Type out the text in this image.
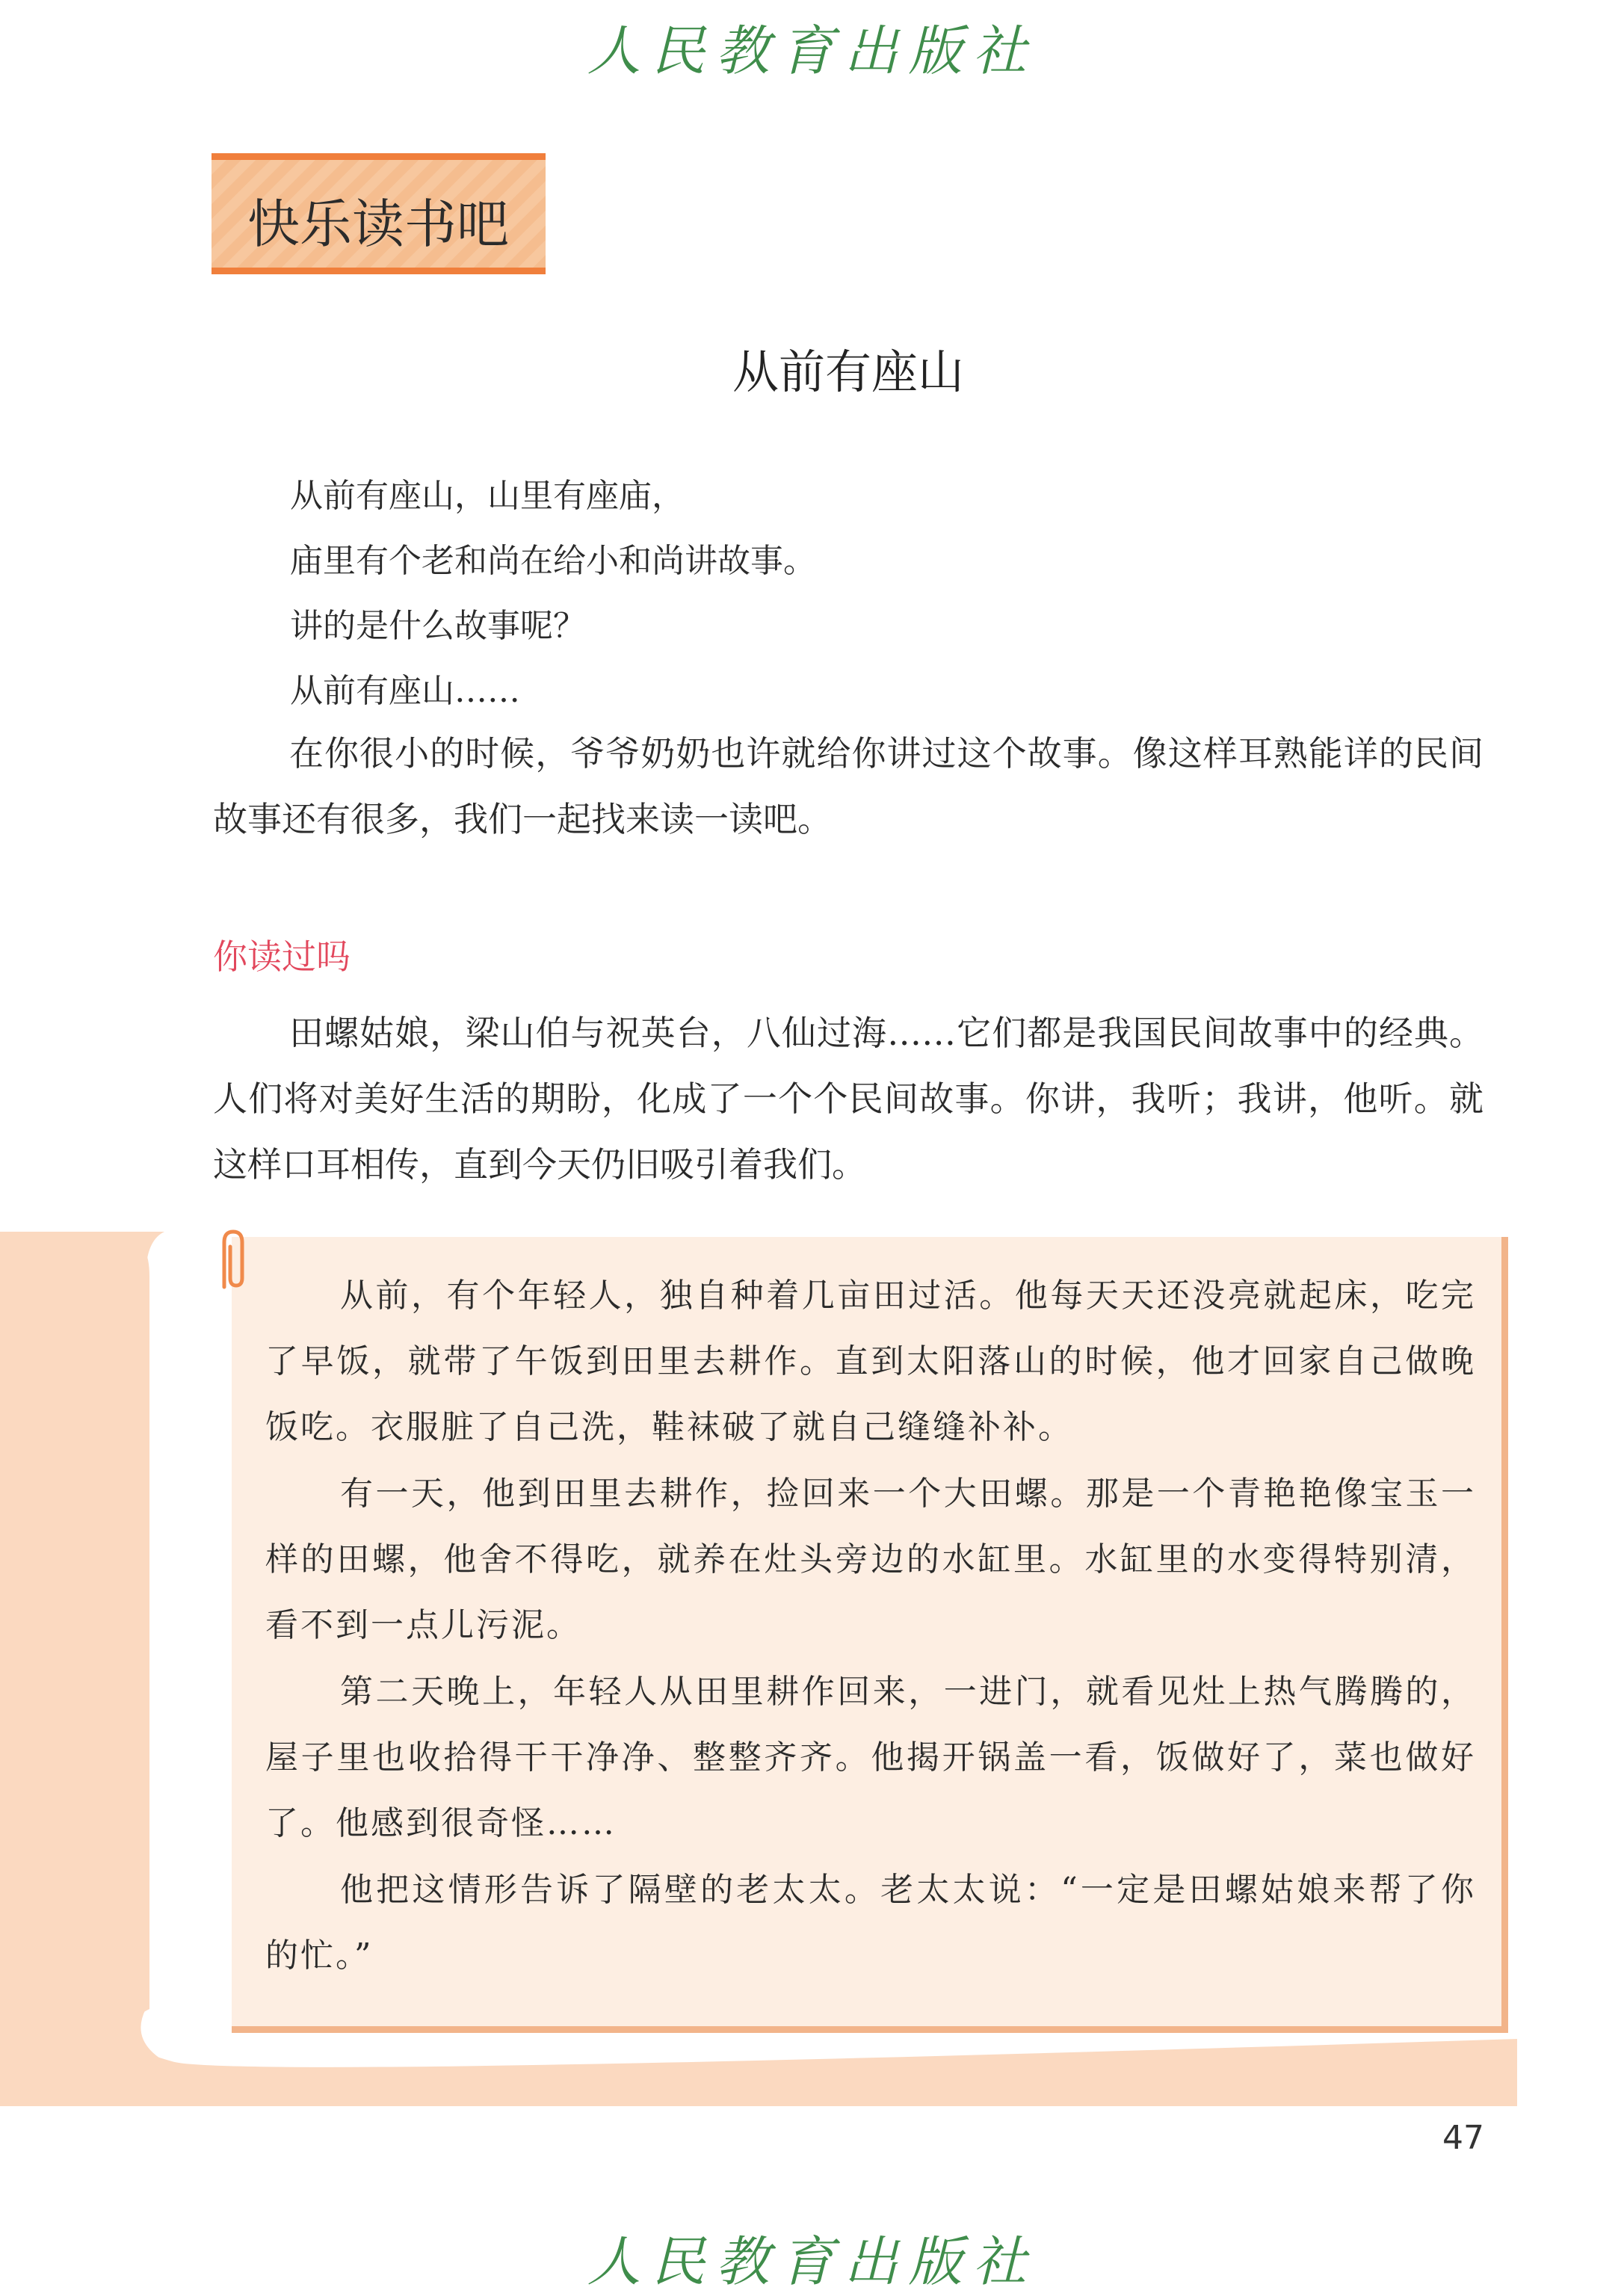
人民教育出版社
快乐读书吧
从前有座山
从前有座山，山里有座庙，
庙里有个老和尚在给小和尚讲故事。
讲的是什么故事呢？
从前有座山……
在你很小的时候，爷爷奶奶也许就给你讲过这个故事。像这样耳熟能详的民间故事还有很多，我们一起找来读一读吧。
你读过吗
田螺姑娘，梁山伯与祝英台，八仙过海……它们都是我国民间故事中的经典。人们将对美好生活的期盼，化成了一个个民间故事。你讲，我听；我讲，他听。就这样口耳相传，直到今天仍旧吸引着我们。
从前，有个年轻人，独自种着几亩田过活。他每天天还没亮就起床，吃完了早饭，就带了午饭到田里去耕作。直到太阳落山的时候，他才回家自己做晚饭吃。衣服脏了自己洗，鞋袜破了就自己缝缝补补。
有一天，他到田里去耕作，捡回来一个大田螺。那是一个青艳艳像宝玉一样的田螺，他舍不得吃，就养在灶头旁边的水缸里。水缸里的水变得特别清，看不到一点儿污泥。
第二天晚上，年轻人从田里耕作回来，一进门，就看见灶上热气腾腾的，屋子里也收拾得干干净净、整整齐齐。他揭开锅盖一看，饭做好了，菜也做好了。他感到很奇怪……
他把这情形告诉了隔壁的老太太。老太太说：“一定是田螺姑娘来帮了你的忙。”
47
人民教育出版社
